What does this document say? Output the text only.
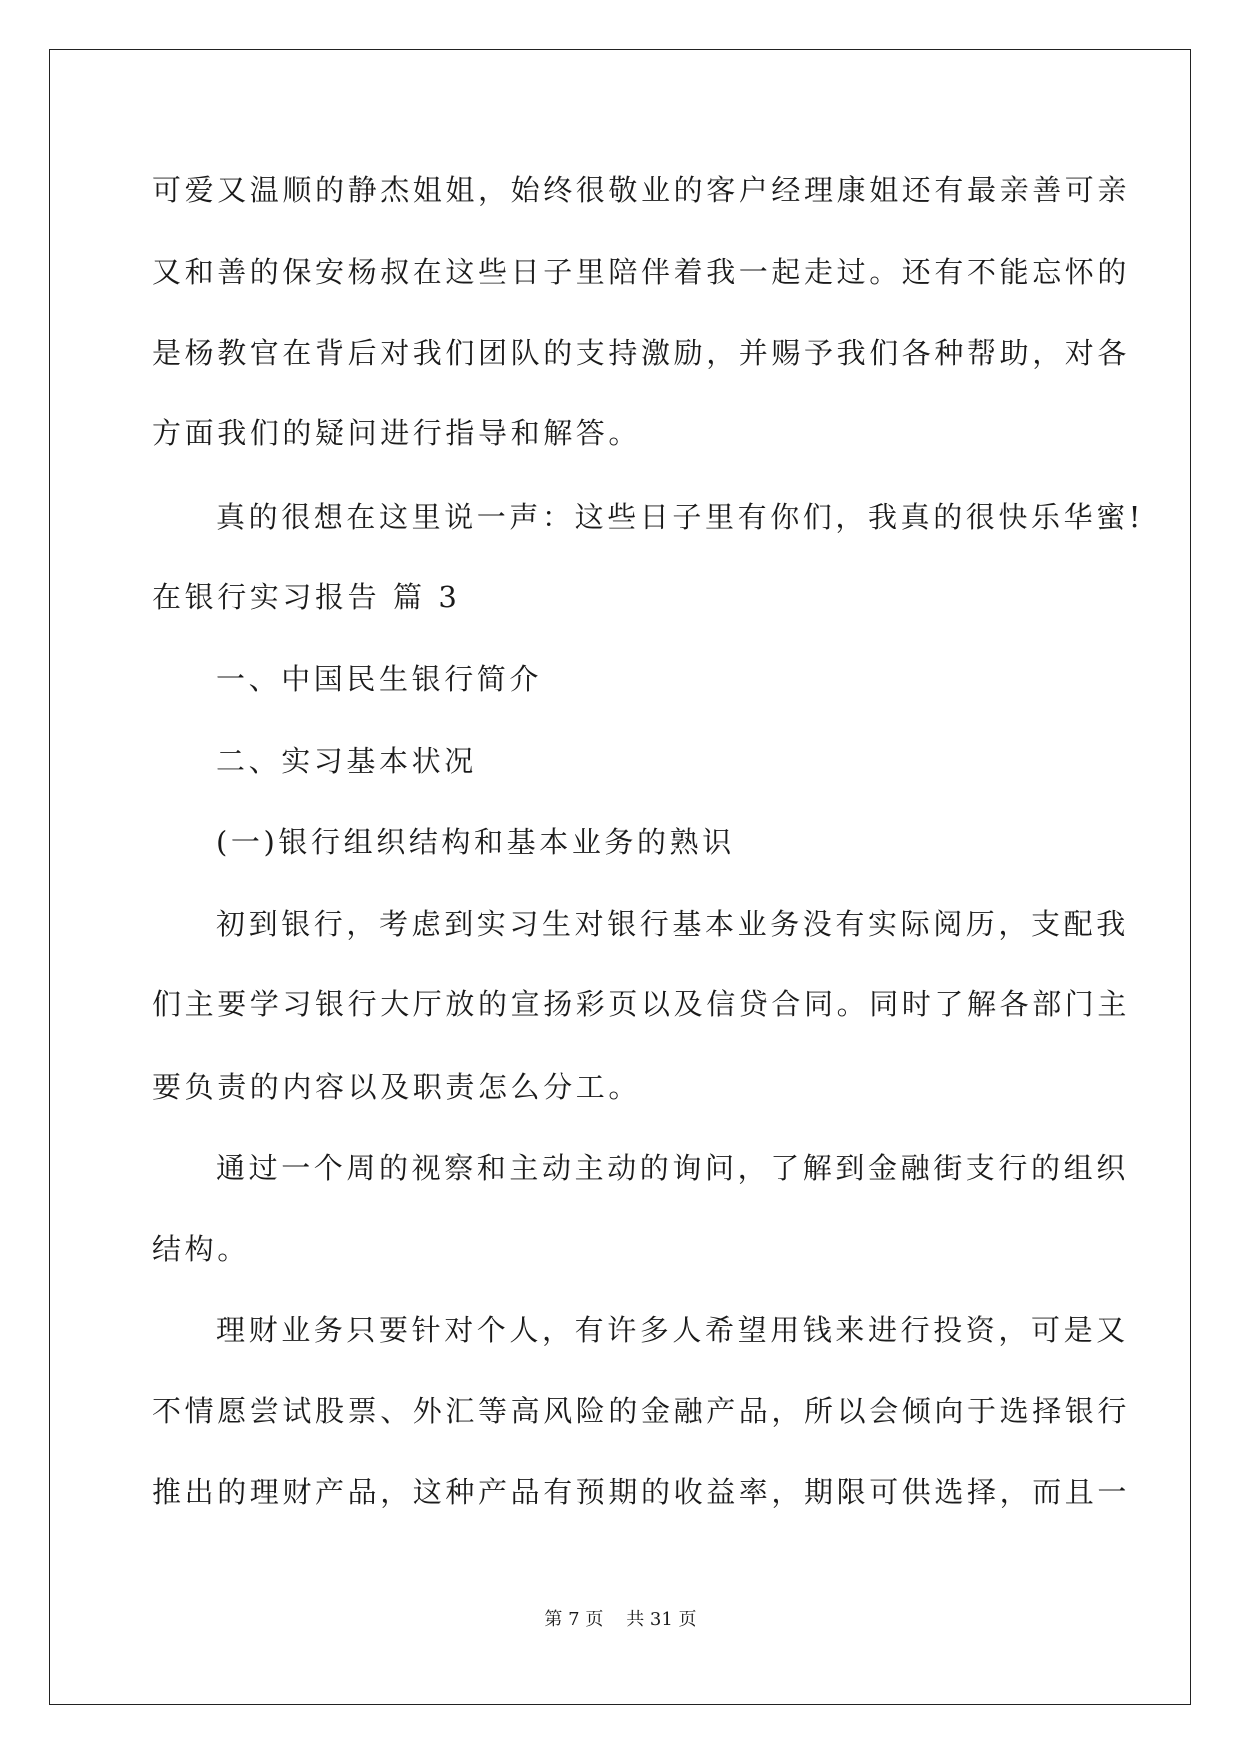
可爱又温顺的静杰姐姐，始终很敬业的客户经理康姐还有最亲善可亲
又和善的保安杨叔在这些日子里陪伴着我一起走过。还有不能忘怀的
是杨教官在背后对我们团队的支持激励，并赐予我们各种帮助，对各
方面我们的疑问进行指导和解答。
真的很想在这里说一声：这些日子里有你们，我真的很快乐华蜜!
在银行实习报告 篇 3
一、中国民生银行简介
二、实习基本状况
(一)银行组织结构和基本业务的熟识
初到银行，考虑到实习生对银行基本业务没有实际阅历，支配我
们主要学习银行大厅放的宣扬彩页以及信贷合同。同时了解各部门主
要负责的内容以及职责怎么分工。
通过一个周的视察和主动主动的询问，了解到金融街支行的组织
结构。
理财业务只要针对个人，有许多人希望用钱来进行投资，可是又
不情愿尝试股票、外汇等高风险的金融产品，所以会倾向于选择银行
推出的理财产品，这种产品有预期的收益率，期限可供选择，而且一
第 7 页    共 31 页
